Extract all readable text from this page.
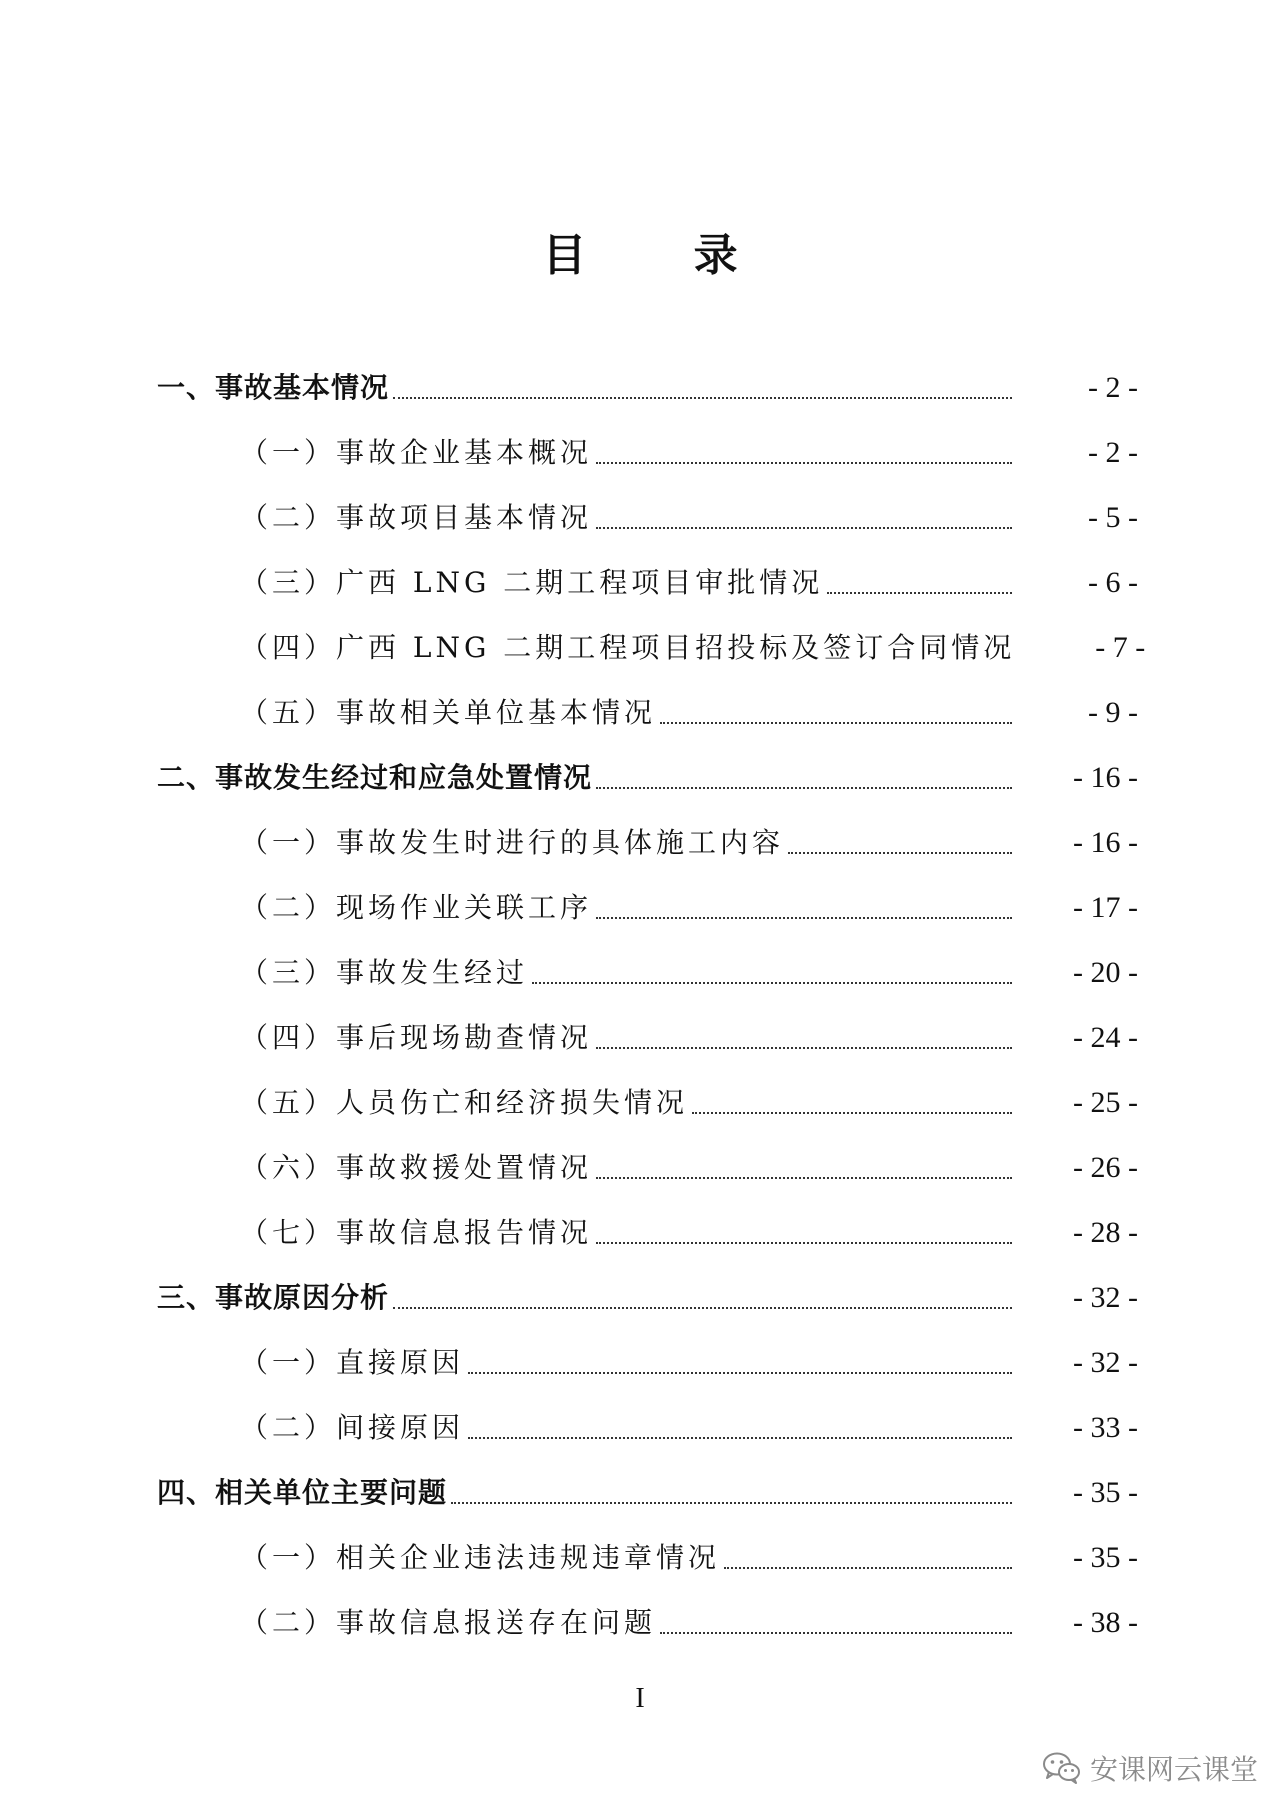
目 录
一、事故基本情况	- 2 -
（一）事故企业基本概况	- 2 -
（二）事故项目基本情况	- 5 -
（三）广西 LNG 二期工程项目审批情况	- 6 -
（四）广西 LNG 二期工程项目招投标及签订合同情况	- 7 -
（五）事故相关单位基本情况	- 9 -
二、事故发生经过和应急处置情况	- 16 -
（一）事故发生时进行的具体施工内容	- 16 -
（二）现场作业关联工序	- 17 -
（三）事故发生经过	- 20 -
（四）事后现场勘查情况	- 24 -
（五）人员伤亡和经济损失情况	- 25 -
（六）事故救援处置情况	- 26 -
（七）事故信息报告情况	- 28 -
三、事故原因分析	- 32 -
（一）直接原因	- 32 -
（二）间接原因	- 33 -
四、相关单位主要问题	- 35 -
（一）相关企业违法违规违章情况	- 35 -
（二）事故信息报送存在问题	- 38 -
I
安课网云课堂
